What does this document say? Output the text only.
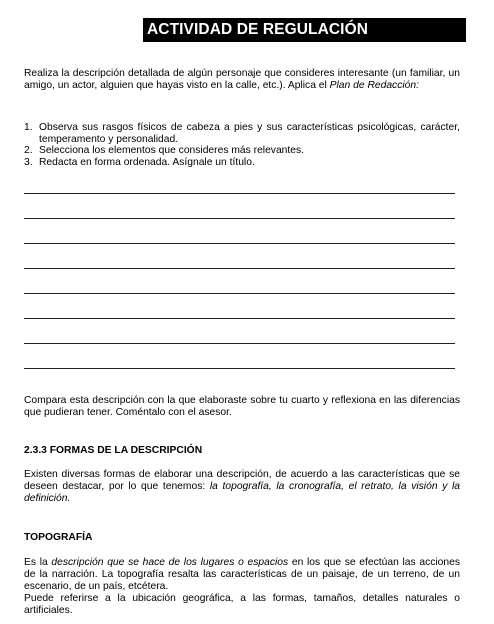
ACTIVIDAD DE REGULACIÓN
Realiza la descripción detallada de algún personaje que consideres interesante (un familiar, un amigo, un actor, alguien que hayas visto en la calle, etc.). Aplica el Plan de Redacción:
1. Observa sus rasgos físicos de cabeza a pies y sus características psicológicas, carácter, temperamento y personalidad.
2. Selecciona los elementos que consideres más relevantes.
3. Redacta en forma ordenada. Asígnale un título.
Compara esta descripción con la que elaboraste sobre tu cuarto y reflexiona en las diferencias que pudieran tener. Coméntalo con el asesor.
2.3.3 FORMAS DE LA DESCRIPCIÓN
Existen diversas formas de elaborar una descripción, de acuerdo a las características que se deseen destacar, por lo que tenemos: la topografía, la cronografía, el retrato, la visión y la definición.
TOPOGRAFÍA
Es la descripción que se hace de los lugares o espacios en los que se efectúan las acciones de la narración. La topografía resalta las características de un paisaje, de un terreno, de un escenario, de un país, etcétera.
Puede referirse a la ubicación geográfica, a las formas, tamaños, detalles naturales o artificiales.
